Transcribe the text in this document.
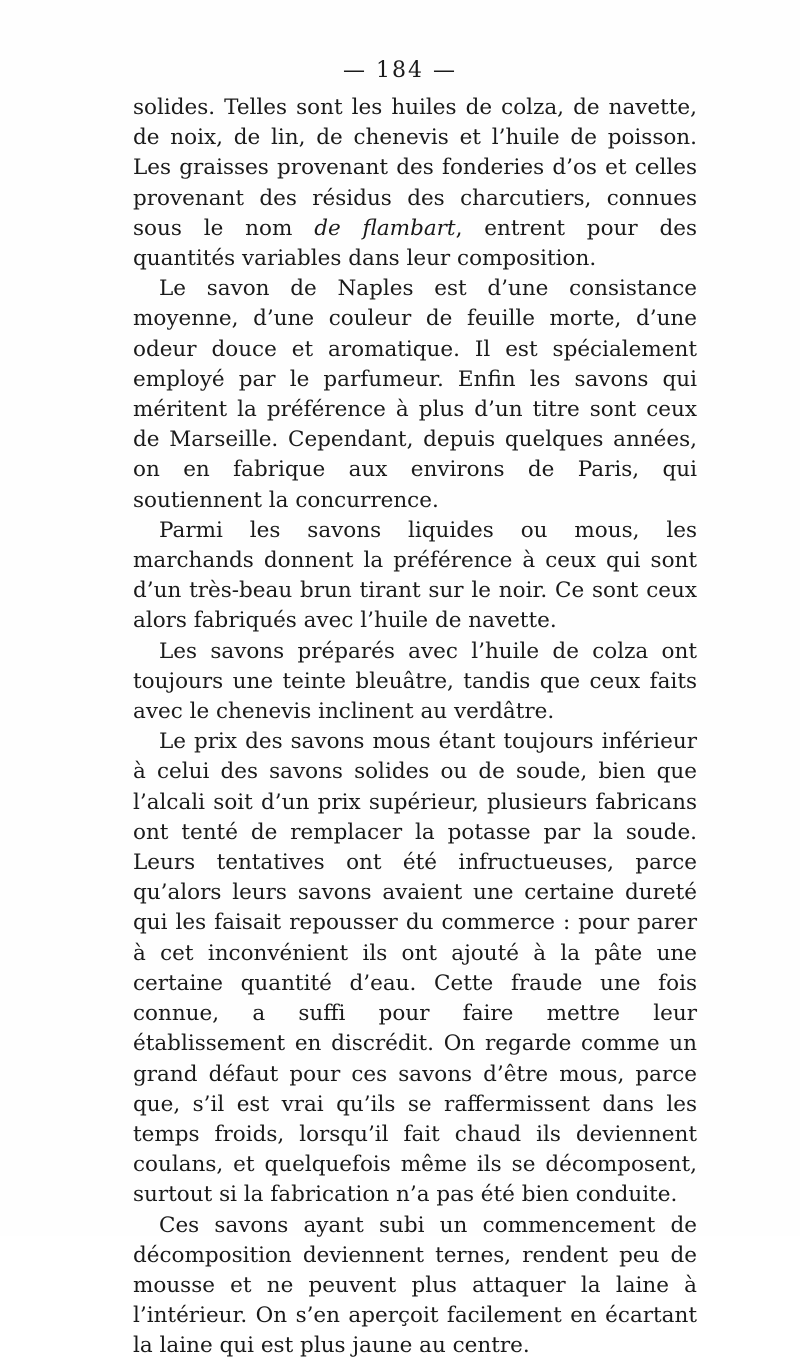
— 184 —

solides. Telles sont les huiles de colza, de navette, de noix, de lin, de chenevis et l’huile de poisson. Les graisses provenant des fonderies d’os et celles provenant des résidus des charcutiers, connues sous le nom de flambart, entrent pour des quantités variables dans leur composition.

Le savon de Naples est d’une consistance moyenne, d’une couleur de feuille morte, d’une odeur douce et aromatique. Il est spécialement employé par le parfumeur. Enfin les savons qui méritent la préférence à plus d’un titre sont ceux de Marseille. Cependant, depuis quelques années, on en fabrique aux environs de Paris, qui soutiennent la concurrence.

Parmi les savons liquides ou mous, les marchands donnent la préférence à ceux qui sont d’un très-beau brun tirant sur le noir. Ce sont ceux alors fabriqués avec l’huile de navette.

Les savons préparés avec l’huile de colza ont toujours une teinte bleuâtre, tandis que ceux faits avec le chenevis inclinent au verdâtre.

Le prix des savons mous étant toujours inférieur à celui des savons solides ou de soude, bien que l’alcali soit d’un prix supérieur, plusieurs fabricans ont tenté de remplacer la potasse par la soude. Leurs tentatives ont été infructueuses, parce qu’alors leurs savons avaient une certaine dureté qui les faisait repousser du commerce : pour parer à cet inconvénient ils ont ajouté à la pâte une certaine quantité d’eau. Cette fraude une fois connue, a suffi pour faire mettre leur établissement en discrédit. On regarde comme un grand défaut pour ces savons d’être mous, parce que, s’il est vrai qu’ils se raffermissent dans les temps froids, lorsqu’il fait chaud ils deviennent coulans, et quelquefois même ils se décomposent, surtout si la fabrication n’a pas été bien conduite.

Ces savons ayant subi un commencement de décomposition deviennent ternes, rendent peu de mousse et ne peuvent plus attaquer la laine à l’intérieur. On s’en aperçoit facilement en écartant la laine qui est plus jaune au centre.
